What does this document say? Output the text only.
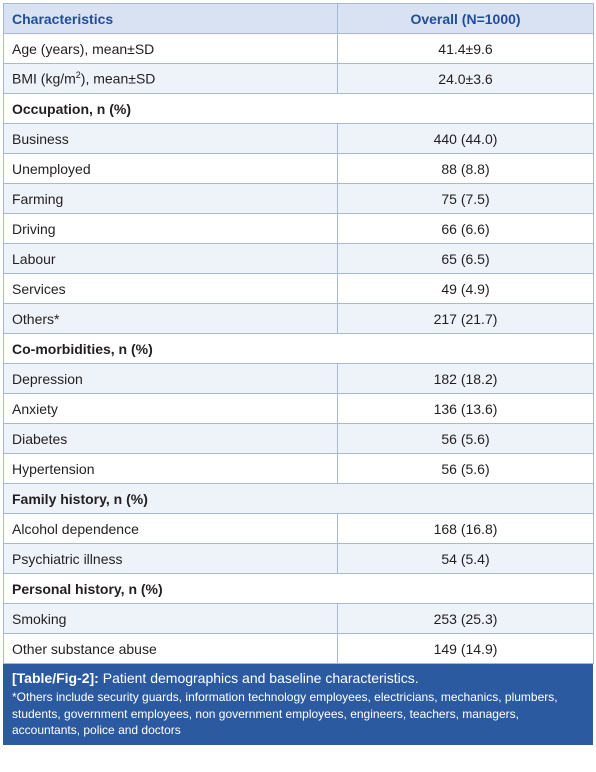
Characteristics	Overall (N=1000)
Age (years), mean±SD	41.4±9.6
BMI $(kg/m^2)$, mean±SD	24.0±3.6
Occupation, n (%)	
Business	440 (44.0)
Unemployed	88 (8.8)
Farming	75 (7.5)
Driving	66 (6.6)
Labour	65 (6.5)
Services	49 (4.9)
Others*	217 (21.7)
Co-morbidities, n (%)	
Depression	182 (18.2)
Anxiety	136 (13.6)
Diabetes	56 (5.6)
Hypertension	56 (5.6)
Family history, n (%)	
Alcohol dependence	168 (16.8)
Psychiatric illness	54 (5.4)
Personal history, n (%)	
Smoking	253 (25.3)
Other substance abuse	149 (14.9)
[Table/Fig-2]: Patient demographics and baseline characteristics.
*Others include security guards, information technology employees, electricians, mechanics, plumbers, students, government employees, non government employees, engineers, teachers, managers, accountants, police and doctors
